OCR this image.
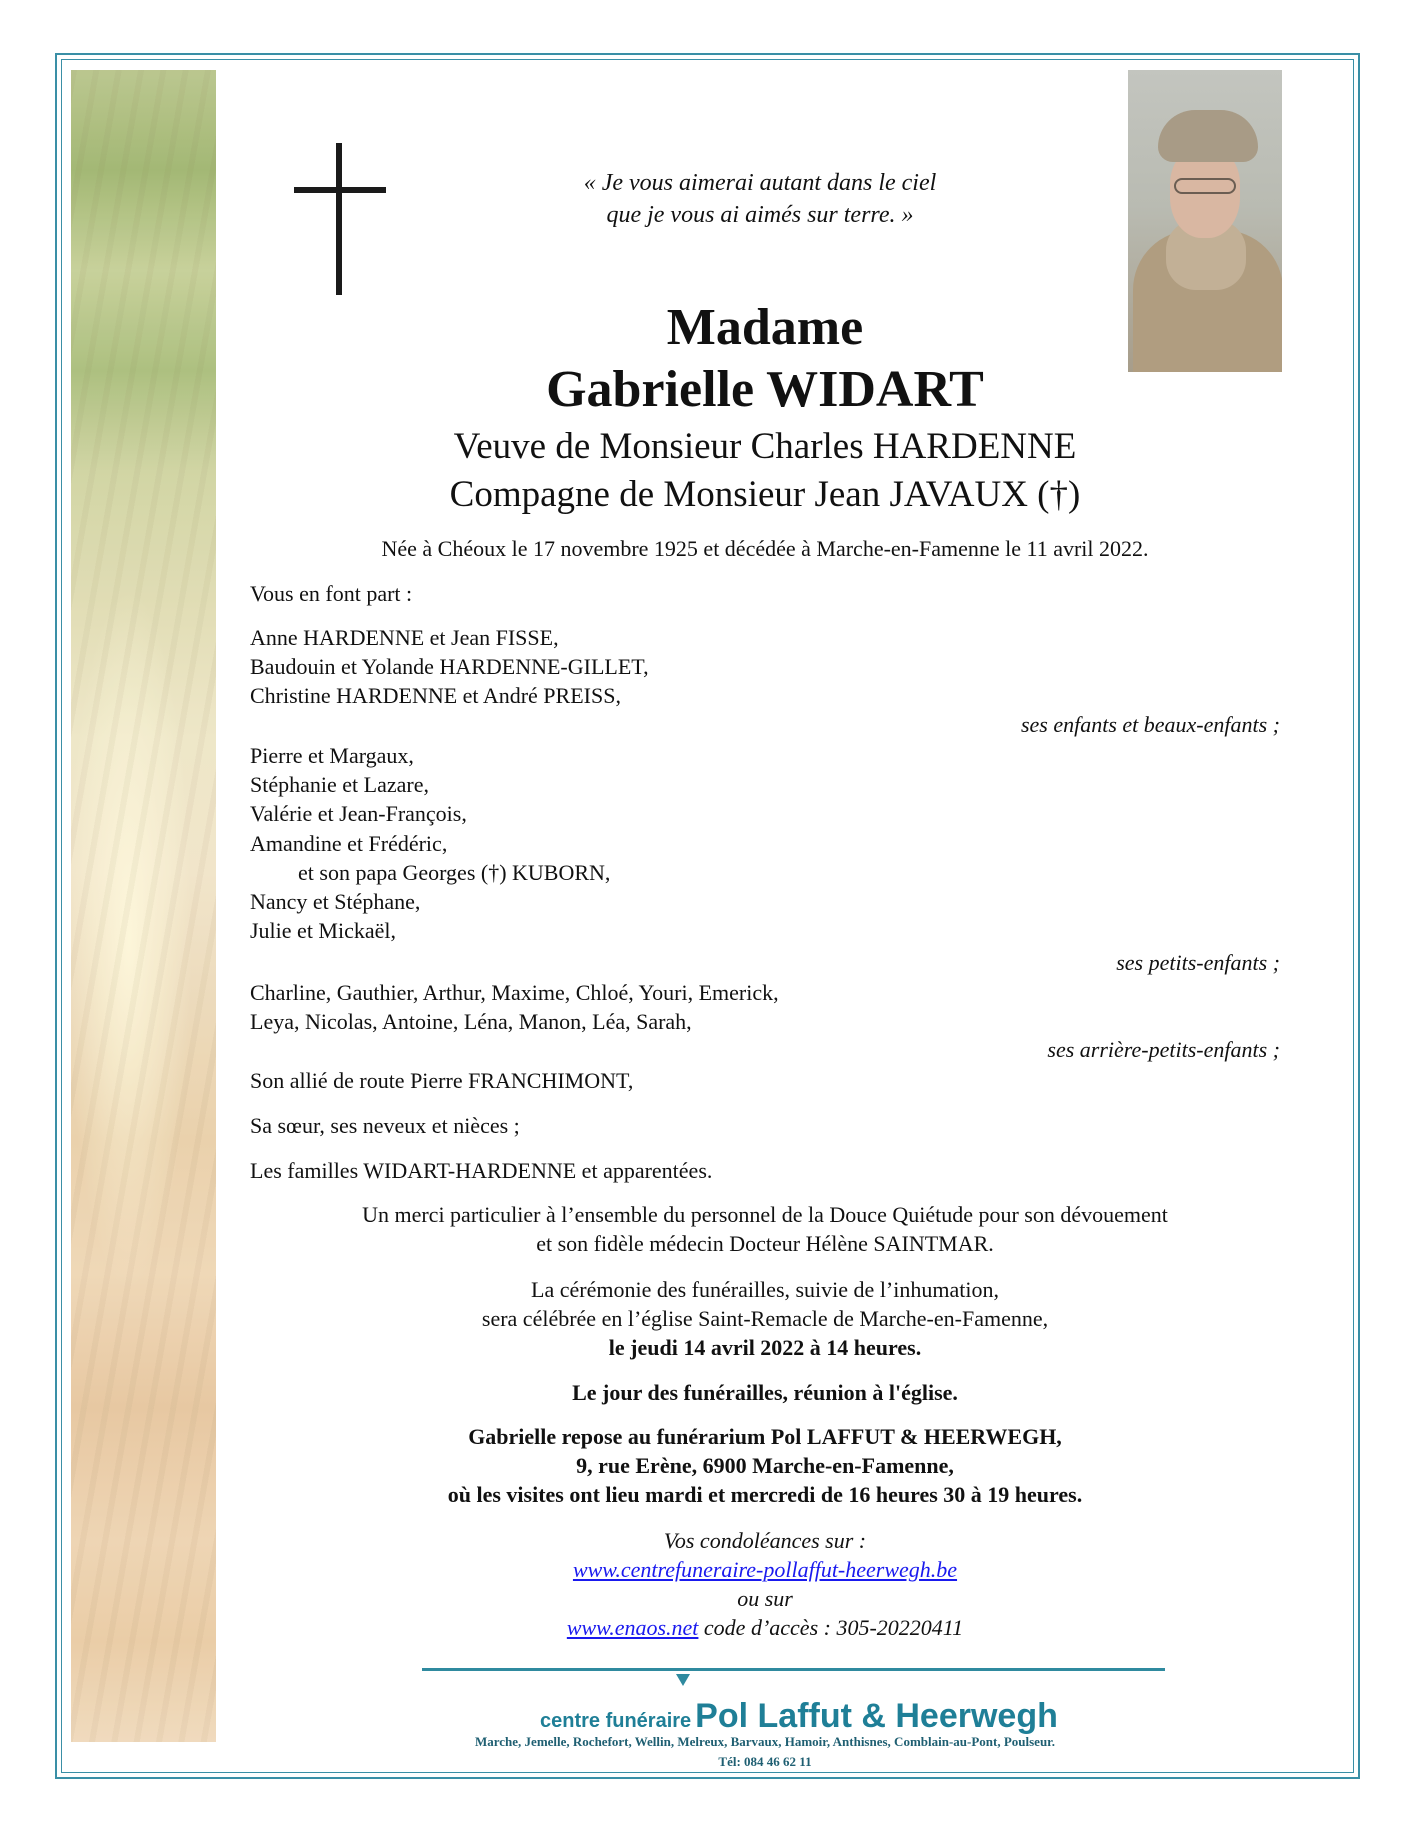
« Je vous aimerai autant dans le ciel

que je vous ai aimés sur terre. »

Madame

Gabrielle WIDART

Veuve de Monsieur Charles HARDENNE

Compagne de Monsieur Jean JAVAUX (†)

Née à Chéoux le 17 novembre 1925 et décédée à Marche-en-Famenne le 11 avril 2022.

Vous en font part :

Anne HARDENNE et Jean FISSE,

Baudouin et Yolande HARDENNE-GILLET,

Christine HARDENNE et André PREISS,

ses enfants et beaux-enfants ;

Pierre et Margaux,

Stéphanie et Lazare,

Valérie et Jean-François,

Amandine et Frédéric,

et son papa Georges (†) KUBORN,

Nancy et Stéphane,

Julie et Mickaël,

ses petits-enfants ;

Charline, Gauthier, Arthur, Maxime, Chloé, Youri, Emerick,

Leya, Nicolas, Antoine, Léna, Manon, Léa, Sarah,

ses arrière-petits-enfants ;

Son allié de route Pierre FRANCHIMONT,

Sa sœur, ses neveux et nièces ;

Les familles WIDART-HARDENNE et apparentées.

Un merci particulier à l’ensemble du personnel de la Douce Quiétude pour son dévouement

et son fidèle médecin Docteur Hélène SAINTMAR.

La cérémonie des funérailles, suivie de l’inhumation,

sera célébrée en l’église Saint-Remacle de Marche-en-Famenne,

le jeudi 14 avril 2022 à 14 heures.

Le jour des funérailles, réunion à l'église.

Gabrielle repose au funérarium Pol LAFFUT & HEERWEGH,

9, rue Erène, 6900 Marche-en-Famenne,

où les visites ont lieu mardi et mercredi de 16 heures 30 à 19 heures.

Vos condoléances sur :

www.centrefuneraire-pollaffut-heerwegh.be

ou sur

www.enaos.net code d’accès : 305-20220411

centre funéraire Pol Laffut & Heerwegh

Marche, Jemelle, Rochefort, Wellin, Melreux, Barvaux, Hamoir, Anthisnes, Comblain-au-Pont, Poulseur.

Tél: 084 46 62 11
